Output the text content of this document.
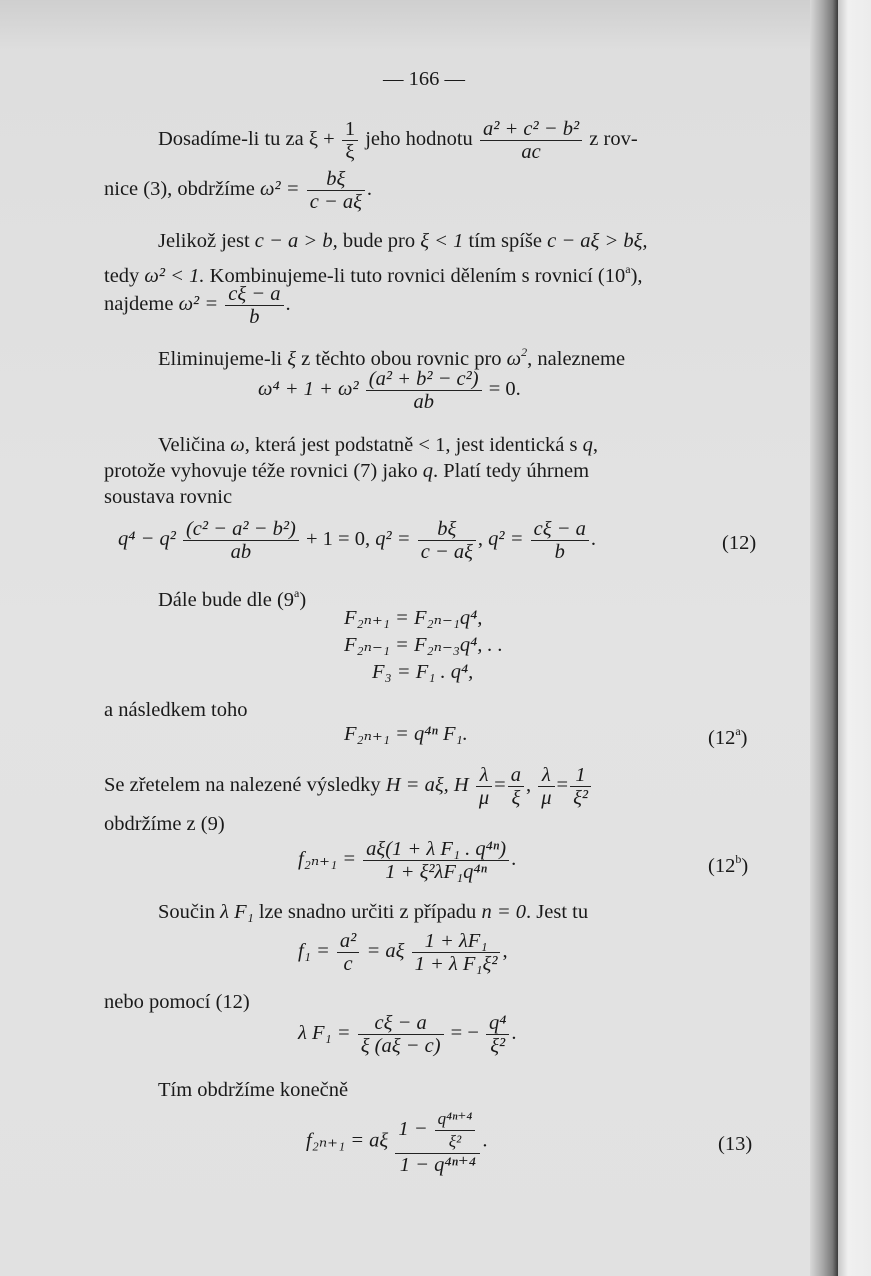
— 166 —
Dosadíme-li tu za $\xi + \frac{1}{\xi}$ jeho hodnotu $\frac{\text{a² + c² − b²}}{ac}$ z rov-
nice (3), obdržíme $\omega^2 = \frac{b\xi}{c - a\xi}$ .
Jelikož jest c − a > b, bude pro ξ < 1 tím spíše c − aξ > bξ,
tedy ω² < 1. Kombinujeme-li tuto rovnici dělením s rovnicí (10$^a$),
najdeme $\omega^2 = \frac{c\xi - a}{b}$ .
Eliminujeme-li ξ z těchto obou rovnic pro $\omega^2$, nalezneme
$\omega^4 + 1 + \omega^2 \frac{\text{(a² + b² − c²)}}{ab} = 0$.
Veličina ω, která jest podstatně < 1, jest identická s q,
protože vyhovuje téže rovnici (7) jako q. Platí tedy úhrnem
soustava rovnic
$q^4 - q^2 \frac{\text{(c² − a² − b²)}}{ab} + 1 = 0$, $q^2 = \frac{b\xi}{c - a\xi}$ , $q^2 = \frac{c\xi - a}{b}$ .	(12)
Dále bude dle (9$^a$)
F₂ₙ₊₁ = F₂ₙ₋₁q⁴,
F₂ₙ₋₁ = F₂ₙ₋₃q⁴, . .
F₃ = F₁ . q⁴,
a následkem toho
F₂ₙ₊₁ = q⁴ⁿ F₁.	(12$^a$)
Se zřetelem na nalezené výsledky H = aξ, H $\frac{\lambda}{\mu} = \frac{a}{\xi}$ , $\frac{\lambda}{\mu} = \frac{1}{\text{ξ²}}$
obdržíme z (9)
$f_{2n+1} = \frac{\text{aξ(1 + λ F₁ . q⁴ⁿ)}}{\text{1 + ξ²λF₁q⁴ⁿ}}$ .	(12$^b$)
Součin λ F₁ lze snadno určiti z případu n = 0. Jest tu
$f_1 = \frac{\text{a²}}{c} = a\xi \frac{\text{1 + λF₁}}{\text{1 + λ F₁ξ²}}$ ,
nebo pomocí (12)
λ $F_1 = \frac{c\xi - a}{\xi (a\xi - c)}$ = − $\frac{\text{q⁴}}{\text{ξ²}}$ .
Tím obdržíme konečně
f₂ₙ₊₁ = aξ $\frac{1 - \frac{\text{q⁴ⁿ⁺⁴}}{\text{ξ²}}}{\text{1 − q⁴ⁿ⁺⁴}}$ .	(13)
